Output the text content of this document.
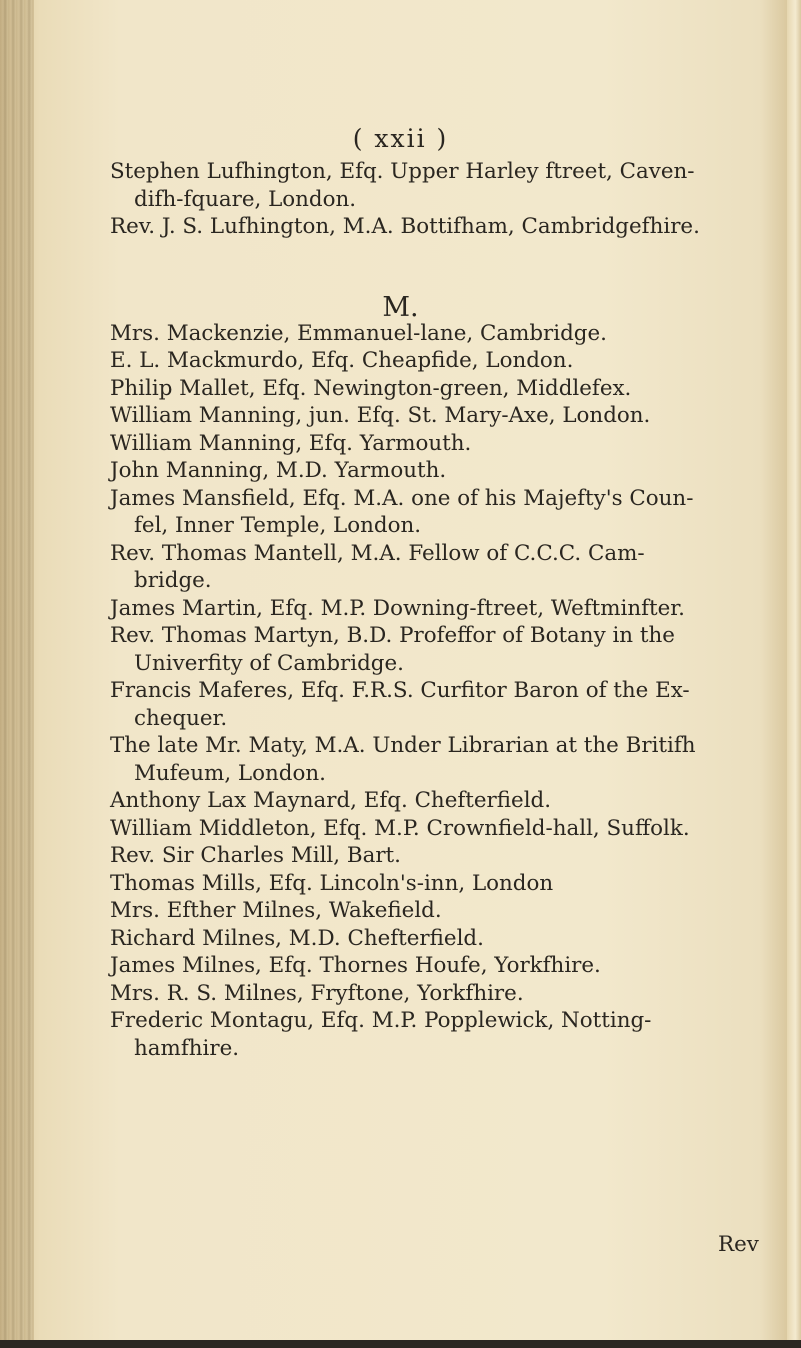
( xxii )

Stephen Lufhington, Efq. Upper Harley ftreet, Caven-
difh-fquare, London.

Rev. J. S. Lufhington, M.A. Bottifham, Cambridgefhire.

Mrs. Mackenzie, Emmanuel-lane, Cambridge.

E. L. Mackmurdo, Efq. Cheapfide, London.

Philip Mallet, Efq. Newington-green, Middlefex.

William Manning, jun. Efq. St. Mary-Axe, London.

William Manning, Efq. Yarmouth.

John Manning, M.D. Yarmouth.

James Mansfield, Efq. M.A. one of his Majefty's Coun-
fel, Inner Temple, London.

Rev. Thomas Mantell, M.A. Fellow of C.C.C. Cam-
bridge.

James Martin, Efq. M.P. Downing-ftreet, Weftminfter.

Rev. Thomas Martyn, B.D. Profeffor of Botany in the
Univerfity of Cambridge.

Francis Maferes, Efq. F.R.S. Curfitor Baron of the Ex-
chequer.

The late Mr. Maty, M.A. Under Librarian at the Britifh
Mufeum, London.

Anthony Lax Maynard, Efq. Chefterfield.

William Middleton, Efq. M.P. Crownfield-hall, Suffolk.

Rev. Sir Charles Mill, Bart.

Thomas Mills, Efq. Lincoln's-inn, London

Mrs. Efther Milnes, Wakefield.

Richard Milnes, M.D. Chefterfield.

James Milnes, Efq. Thornes Houfe, Yorkfhire.

Mrs. R. S. Milnes, Fryftone, Yorkfhire.

Frederic Montagu, Efq. M.P. Popplewick, Notting-
hamfhire.

M.
Rev
